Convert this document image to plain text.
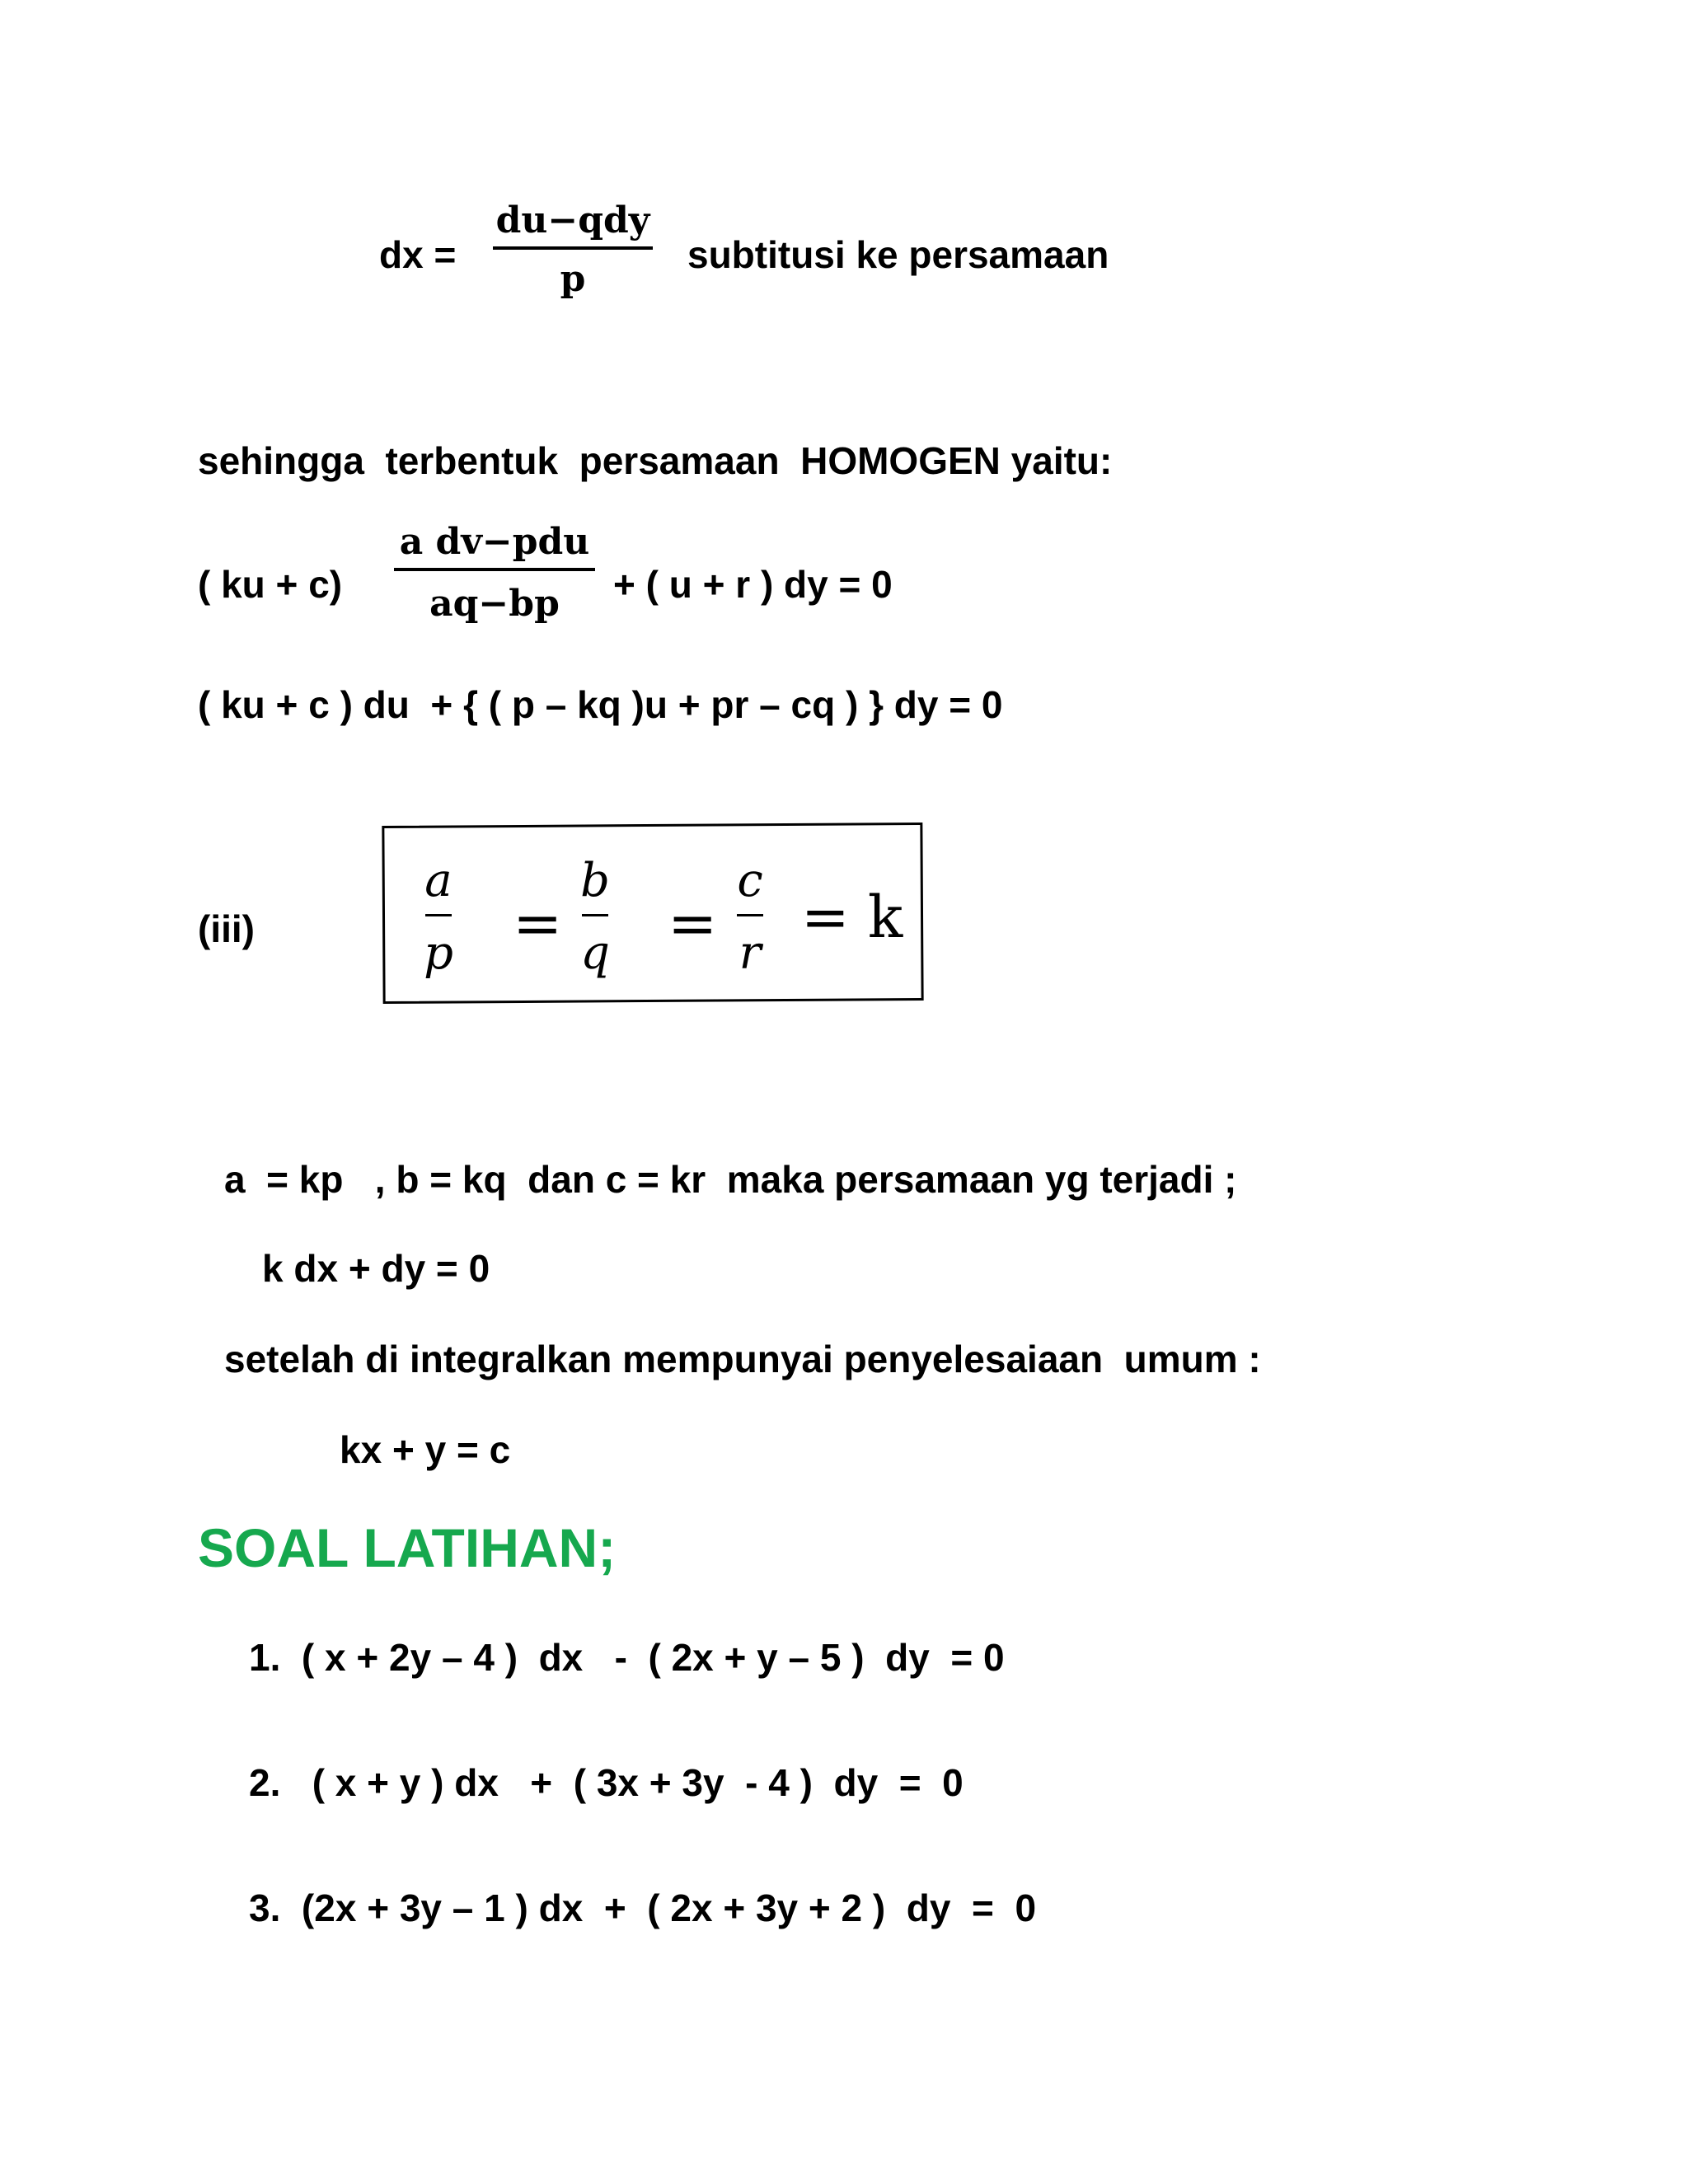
dx =
du−qdy
p
subtitusi ke persamaan
sehingga  terbentuk  persamaan  HOMOGEN yaitu:
( ku + c)
a dv−pdu
aq−bp	+ ( u + r ) dy = 0
( ku + c ) du  + { ( p – kq )u + pr – cq ) } dy = 0
(iii)
a
p =
b
q =
c
r
= k
a  = kp   , b = kq  dan c = kr  maka persamaan yg terjadi ;
k dx + dy = 0
setelah di integralkan mempunyai penyelesaiaan  umum :
kx + y = c
SOAL LATIHAN;
1.  ( x + 2y – 4 )  dx   -  ( 2x + y – 5 )  dy  = 0
2.   ( x + y ) dx   +  ( 3x + 3y  - 4 )  dy  =  0
3.  (2x + 3y – 1 ) dx  +  ( 2x + 3y + 2 )  dy  =  0
